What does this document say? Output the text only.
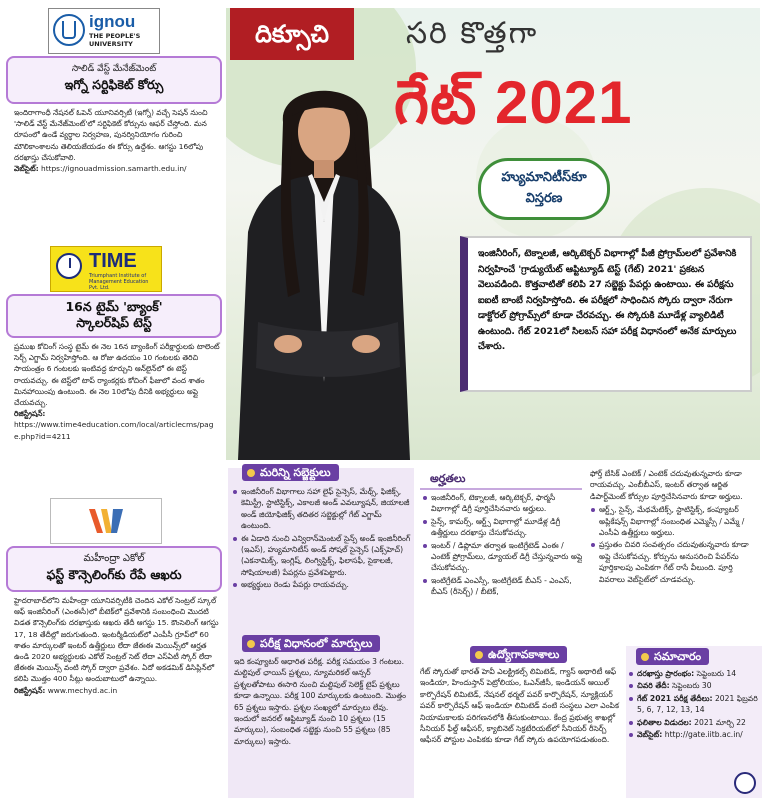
ignou
THE PEOPLE'S UNIVERSITY
సాలిడ్ వేస్ట్ మేనేజ్‌మెంట్
ఇగ్నో సర్టిఫికెట్ కోర్సు
ఇందిరాగాంధీ నేషనల్ ఓపెన్ యూనివర్సిటీ (ఇగ్నో) వచ్చే సెషన్ నుంచి 'సాలిడ్ వేస్ట్ మేనేజ్‌మెంట్'లో సర్టిఫికెట్ కోర్సును ఆఫర్ చేస్తోంది. మన రూపంలో ఉండే వ్యర్థాల నిర్వహణ, పునర్వినియోగం గురించి మౌలికాంశాలను తెలియజేయడం ఈ కోర్సు ఉద్దేశం. ఆగస్టు 16లోపు దరఖాస్తు చేసుకోవాలి.
వెబ్‌సైట్: https://ignouadmission.samarth.edu.in/
TIME
Triumphant Institute of Management Education Pvt. Ltd.
16న టైమ్ 'బ్యాంక్'
స్కాలర్‌షిప్ టెస్ట్
ప్రముఖ కోచింగ్ సంస్థ టైమ్ ఈ నెల 16న బ్యాంకింగ్ పరీక్షార్థులకు టాలెంట్ సెర్చ్ ఎగ్జామ్ నిర్వహిస్తోంది. ఆ రోజు ఉదయం 10 గంటలకు తెరిచి సాయంత్రం 6 గంటలకు ఇంటివద్ద కూర్చుని ఆన్‌లైన్‌లో ఈ టెస్ట్ రాయవచ్చు. ఈ టెస్ట్‌లో టాప్ ర్యాంకర్లకు కోచింగ్ ఫీజులో వంద శాతం మినహాయింపు ఉంటుంది. ఈ నెల 10లోపు దీనికి అభ్యర్థులు అప్లై చేయవచ్చు.
రిజిస్ట్రేషన్:
https://www.time4education.com/local/articlecms/page.php?id=4211
మహీంద్రా ఎకోల్
ఫస్ట్ కౌన్సెలింగ్‌కు రేపే ఆఖరు
హైదరాబాద్‌లోని మహీంద్రా యూనివర్సిటీకి చెందిన ఎకోల్ సెంట్రల్ స్కూల్ ఆఫ్ ఇంజినీరింగ్ (ఎంఈసీ)లో బీటెక్‌లో ప్రవేశానికి సంబంధించి మొదటి విడత కౌన్సెలింగ్‌కు దరఖాస్తుకు ఆఖరు తేదీ ఆగస్టు 15. కౌంసెలింగ్ ఆగస్టు 17, 18 తేదీల్లో జరుగుతుంది. ఇంటర్మీడియట్‌లో ఎంపీసీ గ్రూప్‌లో 60 శాతం మార్కులతో ఇంటర్ ఉత్తీర్ణులు లేదా జేఈఈ మెయిన్స్‌లో ఆర్హత ఉండి 2020 అభ్యర్థులకు ఎకోల్ సెంట్రల్ సెట్ లేదా ఎస్ఏటీ స్కోర్ లేదా జేఈఈ మెయిన్స్ వంటి స్కోర్ ద్వారా ప్రవేశం. ఏదో అకడమిక్ డిసిప్లిన్‌లో కలిపి మొత్తం 400 సీట్లు అందుబాటులో ఉన్నాయి.
రిజిస్ట్రేషన్: www.mechyd.ac.in
దిక్సూచి	సరి కొత్తగా
గేట్ 2021
హ్యుమానిటీస్‌కూ
విస్తరణ
ఇంజినీరింగ్, టెక్నాలజీ, ఆర్కిటెక్చర్ విభాగాల్లో పీజీ ప్రోగ్రామ్‌లలో ప్రవేశానికి నిర్వహించే 'గ్రాడ్యుయేట్ ఆప్టిట్యూడ్ టెస్ట్ (గేట్) 2021' ప్రకటన వెలువడింది. కొత్తవాటితో కలిపి 27 సబ్జెక్టు పేపర్లు ఉంటాయి. ఈ పరీక్షను ఐఐటీ బాంబే నిర్వహిస్తోంది. ఈ పరీక్షలో సాధించిన స్కోరు ద్వారా నేరుగా డాక్టోరల్ ప్రోగ్రామ్స్‌లో కూడా చేరవచ్చు. ఈ స్కోరుకి మూడేళ్ల వ్యాలిడిటీ ఉంటుంది. గేట్ 2021లో సిలబస్ సహా పరీక్ష విధానంలో అనేక మార్పులు చేశారు.
మరిన్ని సబ్జెక్టులు
ఇంజినీరింగ్ విభాగాలు సహా లైఫ్ సైన్సెస్, మేథ్స్, ఫిజిక్స్, కెమిస్ట్రీ, స్టాటిస్టిక్స్, ఎకాలజీ అండ్ ఎవల్యూషన్, జియాలజీ అండ్ జియోఫిజిక్స్ తదితర సబ్జెక్టుల్లో గేట్ ఎగ్జామ్ ఉంటుంది.
ఈ ఏడాది నుంచి ఎన్విరాన్‌మెంటల్ సైన్స్ అండ్ ఇంజినీరింగ్ (ఇఎస్), హ్యుమానిటీస్ అండ్ సోషల్ సైన్సెస్ (ఎక్స్‌హెచ్) (ఎకనామిక్స్, ఇంగ్లిష్, లింగ్విస్టిక్స్, ఫిలాసఫీ, సైకాలజీ, సోషియాలజీ) పేపర్లను ప్రవేశపెట్టారు.
అభ్యర్థులు రెండు పేపర్లు రాయవచ్చు.
పరీక్ష విధానంలో మార్పులు
ఇది కంప్యూటర్ ఆధారిత పరీక్ష. పరీక్ష సమయం 3 గంటలు. మల్టిపుల్ ఛాయిస్ ప్రశ్నలు, న్యూమరికల్ ఆన్సర్ ప్రశ్నలతోపాటు ఈసారి నుంచి మల్టిపుల్ సెలెక్ట్ టైప్ ప్రశ్నలు కూడా ఉన్నాయి. పరీక్ష 100 మార్కులకు ఉంటుంది. మొత్తం 65 ప్రశ్నలు ఇస్తారు. ప్రశ్నల సంఖ్యలో మార్పులు లేవు. ఇందులో జనరల్ ఆప్టిట్యూడ్ నుంచి 10 ప్రశ్నలు (15 మార్కులు), సంబంధిత సబ్జెక్టు నుంచి 55 ప్రశ్నలు (85 మార్కులు) ఇస్తారు.
అర్హతలు
ఇంజినీరింగ్, టెక్నాలజీ, ఆర్కిటెక్చర్, ఫార్మసీ విభాగాల్లో డిగ్రీ పూర్తిచేసినవారు అర్హులు.
సైన్స్, కామర్స్, ఆర్ట్స్ విభాగాల్లో మూడేళ్ల డిగ్రీ ఉత్తీర్ణులు దరఖాస్తు చేసుకోవచ్చు.
ఇంటర్ / డిప్లొమా తర్వాత ఇంటిగ్రేటెడ్ ఎంఈ / ఎంటెక్ ప్రోగ్రామ్‌లు, డ్యూయల్ డిగ్రీ చేస్తున్నవారు అప్లై చేసుకోవచ్చు.
ఇంటిగ్రేటెడ్ ఎంఎస్సీ, ఇంటిగ్రేటెడ్ బీఎస్ - ఎంఎస్, బీఎస్ (రీసెర్చ్) / బీటెక్,
ఫోర్త్ బేసిక్ ఎంటెక్ / ఎంటెక్ చదువుతున్నవారు కూడా రాయవచ్చు. ఎంబీబీఎస్, ఇంటర్ తర్వాత ఆర్జిత డిపార్ట్‌మెంట్ కోర్సుల పూర్తిచేసినవారు కూడా అర్హులు.
ఆర్ట్స్, సైన్స్, మేథమేటిక్స్, స్టాటిస్టిక్స్, కంప్యూటర్ అప్లికేషన్స్ విభాగాల్లో సంబంధిత ఎమ్మెస్సీ / ఎమ్మే / ఎంసీఏ ఉత్తీర్ణులు అర్హులు.
ప్రస్తుతం చివరి సంవత్సరం చదువుతున్నవారు కూడా అప్లై చేసుకోవచ్చు. కోర్సును అనుసరించి పేపర్‌ను పూర్తికాలపు ఎంపికగా గేట్ రాసే వీలుంది. పూర్తి వివరాలు వెబ్‌సైట్‌లో చూడవచ్చు.
ఉద్యోగావకాశాలు
గేట్ స్కోరుతో భారత్ హెవీ ఎలక్ట్రికల్స్ లిమిటెడ్, గ్యాస్ అథారిటీ ఆఫ్ ఇండియా, హిందుస్తాన్ పెట్రోలియం, ఓఎన్‌జీసీ, ఇండియన్ ఆయిల్ కార్పొరేషన్ లిమిటెడ్, నేషనల్ థర్మల్ పవర్ కార్పొరేషన్, న్యూక్లియర్ పవర్ కార్పొరేషన్ ఆఫ్ ఇండియా లిమిటెడ్ వంటి సంస్థలు ఎలా ఎంపిక నియామకాలకు పరిగణనలోకి తీసుకుంటాయి. కేంద్ర ప్రభుత్వ శాఖల్లో సీనియర్ ఫీల్డ్ ఆఫీసర్, క్యాబినెట్ సెక్రటేరియట్‌లో సీనియర్ రీసెర్చ్ ఆఫీసర్ పోస్టుల ఎంపికకు కూడా గేట్ స్కోరు ఉపయోగపడుతుంది.
సమాచారం
దరఖాస్తు ప్రారంభం: సెప్టెంబరు 14
చివరి తేదీ: సెప్టెంబరు 30
గేట్ 2021 పరీక్ష తేదీలు: 2021 ఫిబ్రవరి 5, 6, 7, 12, 13, 14
ఫలితాల విడుదల: 2021 మార్చి 22
వెబ్‌సైట్: http://gate.iitb.ac.in/
